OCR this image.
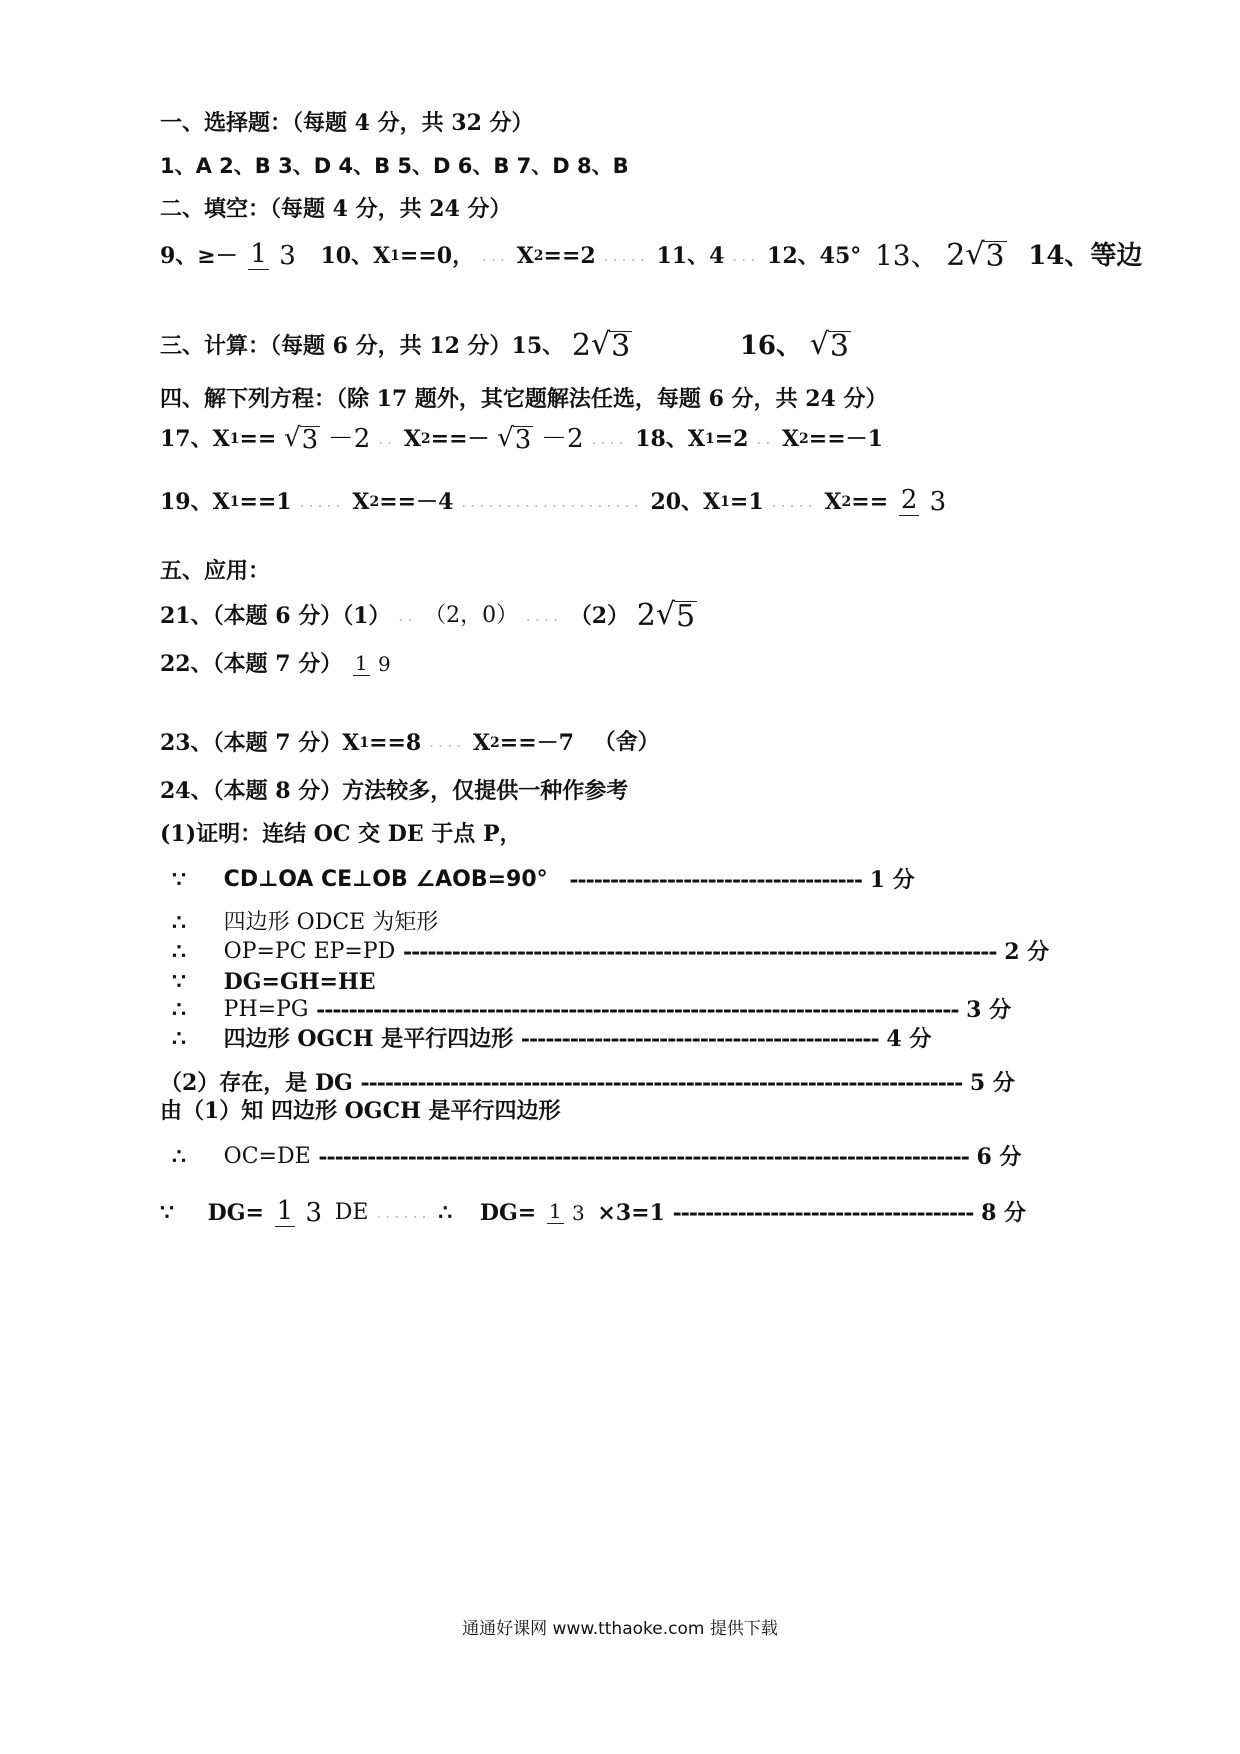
一、选择题：（每题 4 分，共 32 分）
1、A 2、B 3、D 4、B 5、D 6、B 7、D 8、B
二、填空：（每题 4 分，共 24 分）
9、≥－ 1 3 10、X1==0， ... X2==2 ..... 11、4 ... 12、45° 13、 2√3 14、等边
三、计算：（每题 6 分，共 12 分）15、 2√3	16、 √3
四、解下列方程：（除 17 题外，其它题解法任选，每题 6 分，共 24 分）
17、X1== √3 －2 .. X2==－ √3 －2 .... 18、X1=2 .. X2==－1
19、X1==1 ..... X2==－4 .................... 20、X1=1 ..... X2== 2 3
五、应用：
21、（本题 6 分）（1） .. （2，0） .... （2） 2√5
22、（本题 7 分） 1 9
23、（本题 7 分）X1==8 .... X2==－7 （舍）
24、（本题 8 分）方法较多，仅提供一种作参考
(1)证明：连结 OC 交 DE 于点 P，
∵ CD⊥OA CE⊥OB ∠AOB=90° ------------------------------------ 1 分
∴ 四边形 ODCE 为矩形
∴ OP=PC EP=PD ------------------------------------------------------------------------- 2 分
∵ DG=GH=HE
∴ PH=PG ------------------------------------------------------------------------------- 3 分
∴ 四边形 OGCH 是平行四边形 -------------------------------------------- 4 分
（2）存在，是 DG -------------------------------------------------------------------------- 5 分
由（1）知 四边形 OGCH 是平行四边形
∴ OC=DE -------------------------------------------------------------------------------- 6 分
∵ DG= 1 3 DE ...... ∴ DG= 1 3 ×3=1 ------------------------------------- 8 分
通通好课网 www.tthaoke.com 提供下载
